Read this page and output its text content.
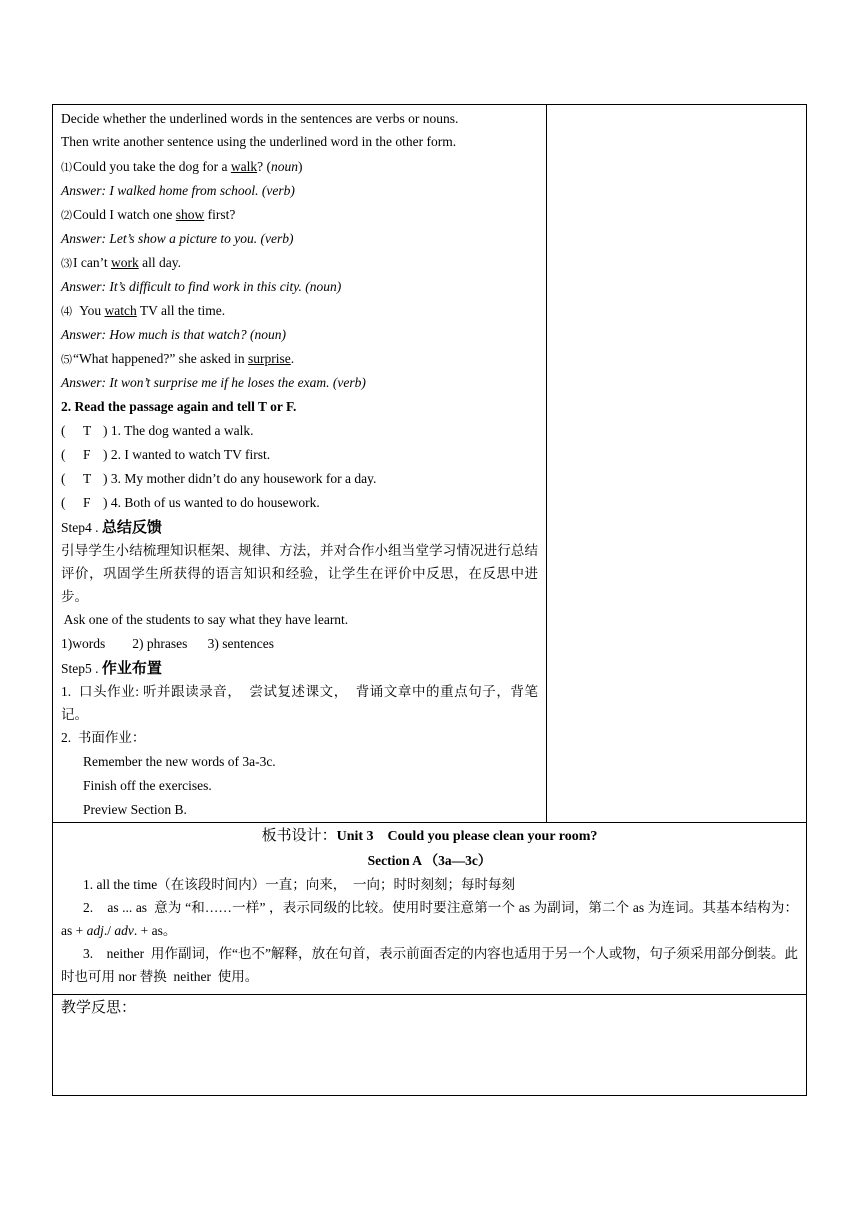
Decide whether the underlined words in the sentences are verbs or nouns.
Then write another sentence using the underlined word in the other form.
⑴Could you take the dog for a walk? (noun)
Answer: I walked home from school. (verb)
⑵Could I watch one show first?
Answer: Let’s show a picture to you. (verb)
⑶I can’t work all day.
Answer: It’s difficult to find work in this city. (noun)
⑷  You watch TV all the time.
Answer: How much is that watch? (noun)
⑸“What happened?” she asked in surprise.
Answer: It won’t surprise me if he loses the exam. (verb)
2. Read the passage again and tell T or F.
( T ) 1. The dog wanted a walk.
( F ) 2. I wanted to watch TV first.
( T ) 3. My mother didn’t do any housework for a day.
( F ) 4. Both of us wanted to do housework.
Step4 . 总结反馈
引导学生小结梳理知识框架、规律、方法，并对合作小组当堂学习情况进行总结评价，巩固学生所获得的语言知识和经验，让学生在评价中反思，在反思中进步。
Ask one of the students to say what they have learnt.
1)words        2) phrases      3) sentences
Step5 . 作业布置
1.  口头作业: 听并跟读录音，  尝试复述课文，  背诵文章中的重点句子，背笔记。
2.  书面作业：
Remember the new words of 3a-3c.
Finish off the exercises.
Preview Section B.

板书设计：Unit 3    Could you please clean your room?
Section A （3a—3c）

1. all the time（在该段时间内）一直；向来，  一向；时时刻刻；每时每刻

2.    as ... as  意为 “和……一样” ，表示同级的比较。使用时要注意第一个 as 为副词，第二个 as 为连词。其基本结构为：as + adj./ adv. + as。

3.    neither  用作副词，作“也不”解释，放在句首，表示前面否定的内容也适用于另一个人或物，句子须采用部分倒装。此时也可用 nor 替换  neither  使用。

教学反思：
